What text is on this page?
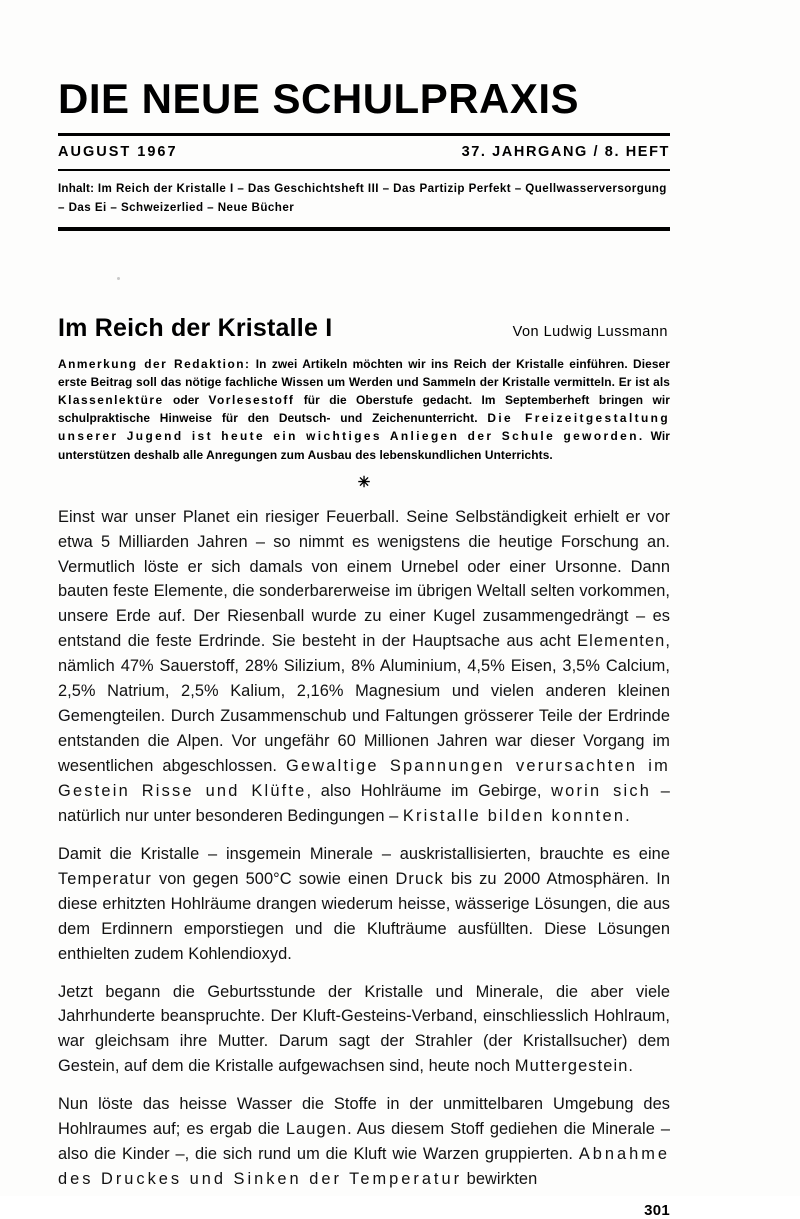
DIE NEUE SCHULPRAXIS
AUGUST 1967	37. JAHRGANG / 8. HEFT
Inhalt: Im Reich der Kristalle I – Das Geschichtsheft III – Das Partizip Perfekt – Quellwasserversorgung – Das Ei – Schweizerlied – Neue Bücher
Im Reich der Kristalle I	Von Ludwig Lussmann
Anmerkung der Redaktion: In zwei Artikeln möchten wir ins Reich der Kristalle einführen. Dieser erste Beitrag soll das nötige fachliche Wissen um Werden und Sammeln der Kristalle vermitteln. Er ist als Klassenlektüre oder Vorlesestoff für die Oberstufe gedacht. Im Septemberheft bringen wir schulpraktische Hinweise für den Deutsch- und Zeichenunterricht. Die Freizeitgestaltung unserer Jugend ist heute ein wichtiges Anliegen der Schule geworden. Wir unterstützen deshalb alle Anregungen zum Ausbau des lebenskundlichen Unterrichts.
✳
Einst war unser Planet ein riesiger Feuerball. Seine Selbständigkeit erhielt er vor etwa 5 Milliarden Jahren – so nimmt es wenigstens die heutige Forschung an. Vermutlich löste er sich damals von einem Urnebel oder einer Ursonne. Dann bauten feste Elemente, die sonderbarerweise im übrigen Weltall selten vorkommen, unsere Erde auf. Der Riesenball wurde zu einer Kugel zusammengedrängt – es entstand die feste Erdrinde. Sie besteht in der Hauptsache aus acht Elementen, nämlich 47% Sauerstoff, 28% Silizium, 8% Aluminium, 4,5% Eisen, 3,5% Calcium, 2,5% Natrium, 2,5% Kalium, 2,16% Magnesium und vielen anderen kleinen Gemengteilen. Durch Zusammenschub und Faltungen grösserer Teile der Erdrinde entstanden die Alpen. Vor ungefähr 60 Millionen Jahren war dieser Vorgang im wesentlichen abgeschlossen. Gewaltige Spannungen verursachten im Gestein Risse und Klüfte, also Hohlräume im Gebirge, worin sich – natürlich nur unter besonderen Bedingungen – Kristalle bilden konnten.
Damit die Kristalle – insgemein Minerale – auskristallisierten, brauchte es eine Temperatur von gegen 500°C sowie einen Druck bis zu 2000 Atmosphären. In diese erhitzten Hohlräume drangen wiederum heisse, wässerige Lösungen, die aus dem Erdinnern emporstiegen und die Klufträume ausfüllten. Diese Lösungen enthielten zudem Kohlendioxyd.
Jetzt begann die Geburtsstunde der Kristalle und Minerale, die aber viele Jahrhunderte beanspruchte. Der Kluft-Gesteins-Verband, einschliesslich Hohlraum, war gleichsam ihre Mutter. Darum sagt der Strahler (der Kristallsucher) dem Gestein, auf dem die Kristalle aufgewachsen sind, heute noch Muttergestein.
Nun löste das heisse Wasser die Stoffe in der unmittelbaren Umgebung des Hohlraumes auf; es ergab die Laugen. Aus diesem Stoff gediehen die Minerale – also die Kinder –, die sich rund um die Kluft wie Warzen gruppierten. Abnahme des Druckes und Sinken der Temperatur bewirkten
301
